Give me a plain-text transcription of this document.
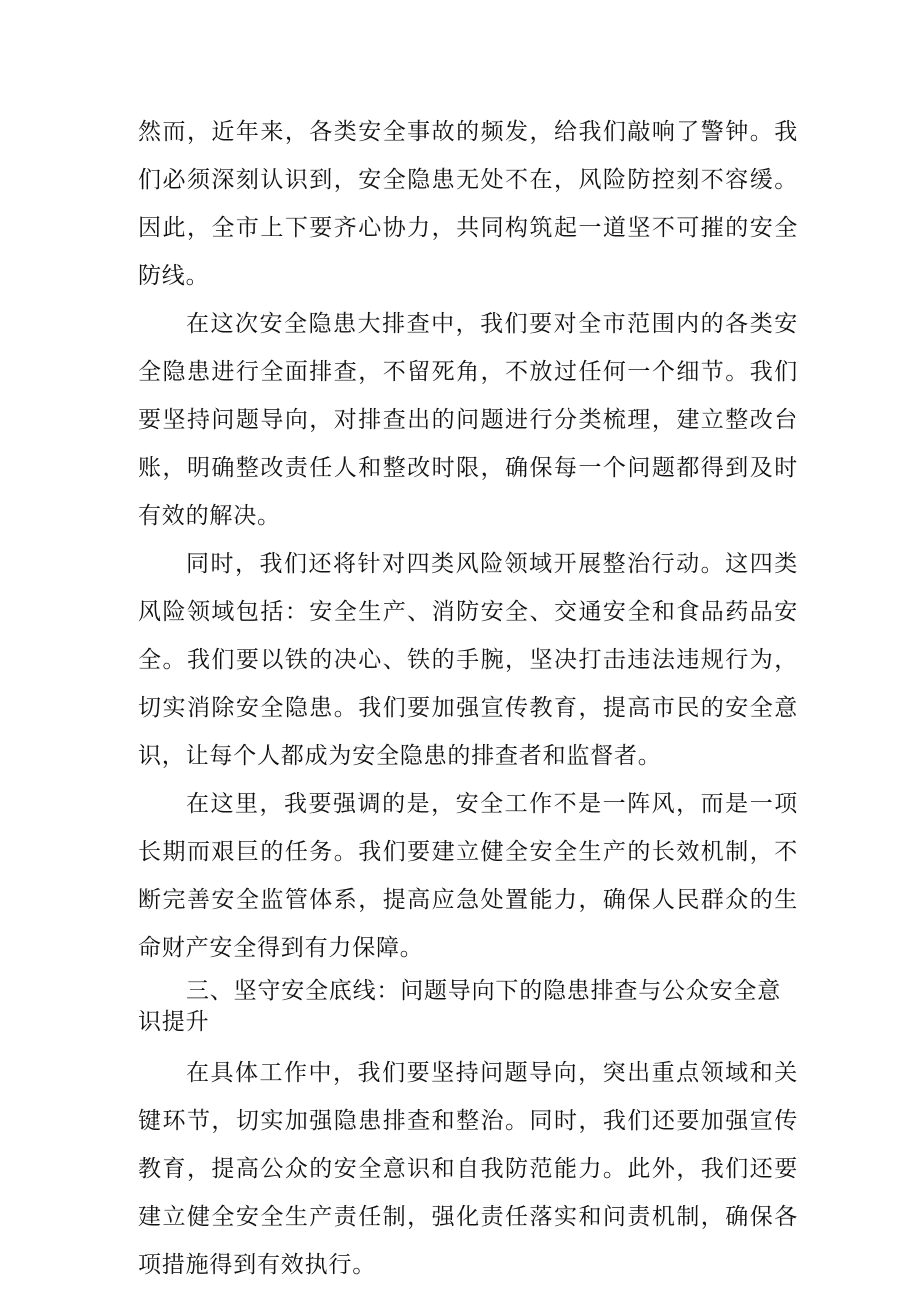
然而，近年来，各类安全事故的频发，给我们敲响了警钟。我们必须深刻认识到，安全隐患无处不在，风险防控刻不容缓。因此，全市上下要齐心协力，共同构筑起一道坚不可摧的安全防线。

在这次安全隐患大排查中，我们要对全市范围内的各类安全隐患进行全面排查，不留死角，不放过任何一个细节。我们要坚持问题导向，对排查出的问题进行分类梳理，建立整改台账，明确整改责任人和整改时限，确保每一个问题都得到及时有效的解决。

同时，我们还将针对四类风险领域开展整治行动。这四类风险领域包括：安全生产、消防安全、交通安全和食品药品安全。我们要以铁的决心、铁的手腕，坚决打击违法违规行为，切实消除安全隐患。我们要加强宣传教育，提高市民的安全意识，让每个人都成为安全隐患的排查者和监督者。

在这里，我要强调的是，安全工作不是一阵风，而是一项长期而艰巨的任务。我们要建立健全安全生产的长效机制，不断完善安全监管体系，提高应急处置能力，确保人民群众的生命财产安全得到有力保障。

三、坚守安全底线：问题导向下的隐患排查与公众安全意识提升

在具体工作中，我们要坚持问题导向，突出重点领域和关键环节，切实加强隐患排查和整治。同时，我们还要加强宣传教育，提高公众的安全意识和自我防范能力。此外，我们还要建立健全安全生产责任制，强化责任落实和问责机制，确保各项措施得到有效执行。
